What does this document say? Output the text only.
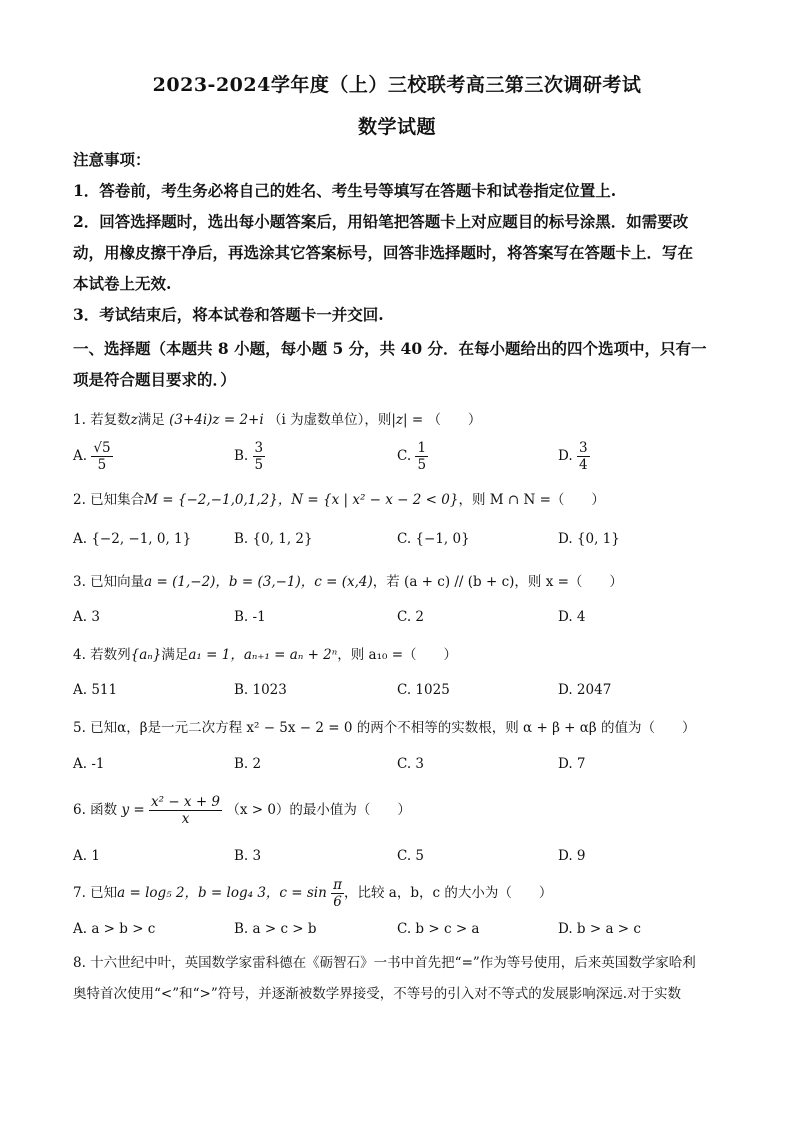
2023-2024学年度（上）三校联考高三第三次调研考试
数学试题
注意事项：
1．答卷前，考生务必将自己的姓名、考生号等填写在答题卡和试卷指定位置上.
2．回答选择题时，选出每小题答案后，用铅笔把答题卡上对应题目的标号涂黑．如需要改
动，用橡皮擦干净后，再选涂其它答案标号，回答非选择题时，将答案写在答题卡上．写在
本试卷上无效.
3．考试结束后，将本试卷和答题卡一并交回.
一、选择题（本题共 8 小题，每小题 5 分，共 40 分．在每小题给出的四个选项中，只有一
项是符合题目要求的．）
1. 若复数z满足 (3+4i)z = 2+i （i 为虚数单位），则|z| = （　　）
A. $\frac{√5}{5}$	B. $\frac{3}{5}$	C. $\frac{1}{5}$	D. $\frac{3}{4}$
2. 已知集合M = {−2,−1,0,1,2}，N = {x | x² − x − 2 < 0}，则 M ∩ N =（　　）
A. {−2, −1, 0, 1}	B. {0, 1, 2}	C. {−1, 0}	D. {0, 1}
3. 已知向量a = (1,−2)，b = (3,−1)，c = (x,4)，若 (a + c) // (b + c)，则 x =（　　）
A. 3	B. -1	C. 2	D. 4
4. 若数列{aₙ}满足a₁ = 1，aₙ₊₁ = aₙ + 2ⁿ，则 a₁₀ =（　　）
A. 511	B. 1023	C. 1025	D. 2047
5. 已知α，β是一元二次方程 x² − 5x − 2 = 0 的两个不相等的实数根，则 α + β + αβ 的值为（　　）
A. -1	B. 2	C. 3	D. 7
6. 函数 $y = \frac{\text{x² − x + 9}}{x} (x > 0)$的最小值为（　　）
A. 1	B. 3	C. 5	D. 9
7. 已知a = log₅ 2，b = log₄ 3，$c = \sin \frac{\pi}{6}$ ，比较 a，b，c 的大小为（　　）
A. a > b > c	B. a > c > b	C. b > c > a	D. b > a > c
8. 十六世纪中叶，英国数学家雷科德在《砺智石》一书中首先把“=”作为等号使用，后来英国数学家哈利
奥特首次使用“<”和“>”符号，并逐渐被数学界接受，不等号的引入对不等式的发展影响深远.对于实数
